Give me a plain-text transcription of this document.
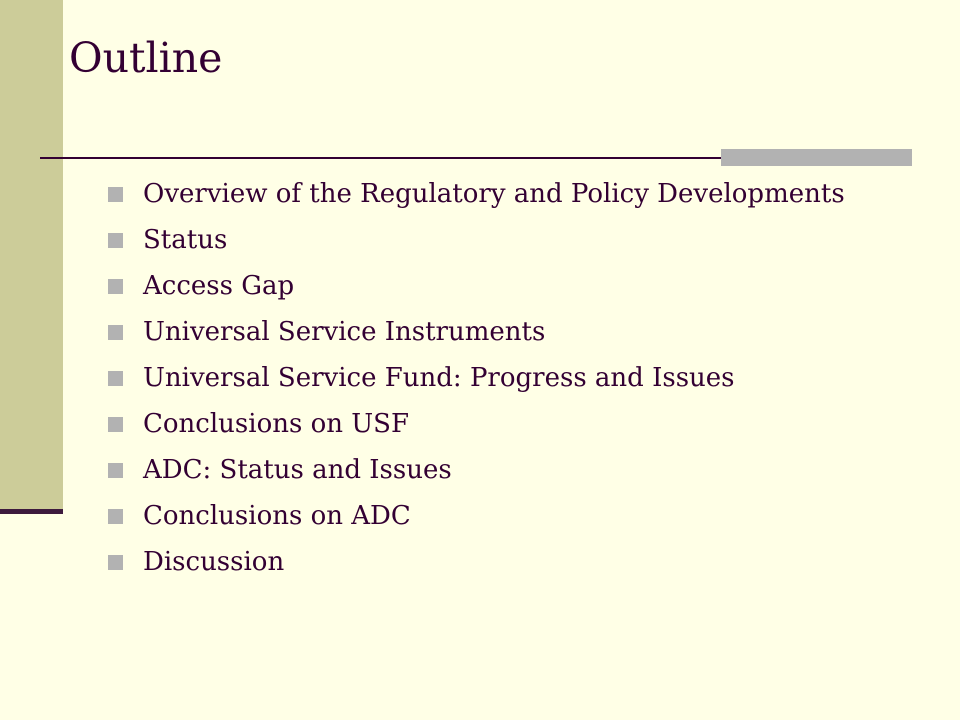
Outline
Overview of the Regulatory and Policy Developments
Status
Access Gap
Universal Service Instruments
Universal Service Fund: Progress and Issues
Conclusions on USF
ADC: Status and Issues
Conclusions on ADC
Discussion
